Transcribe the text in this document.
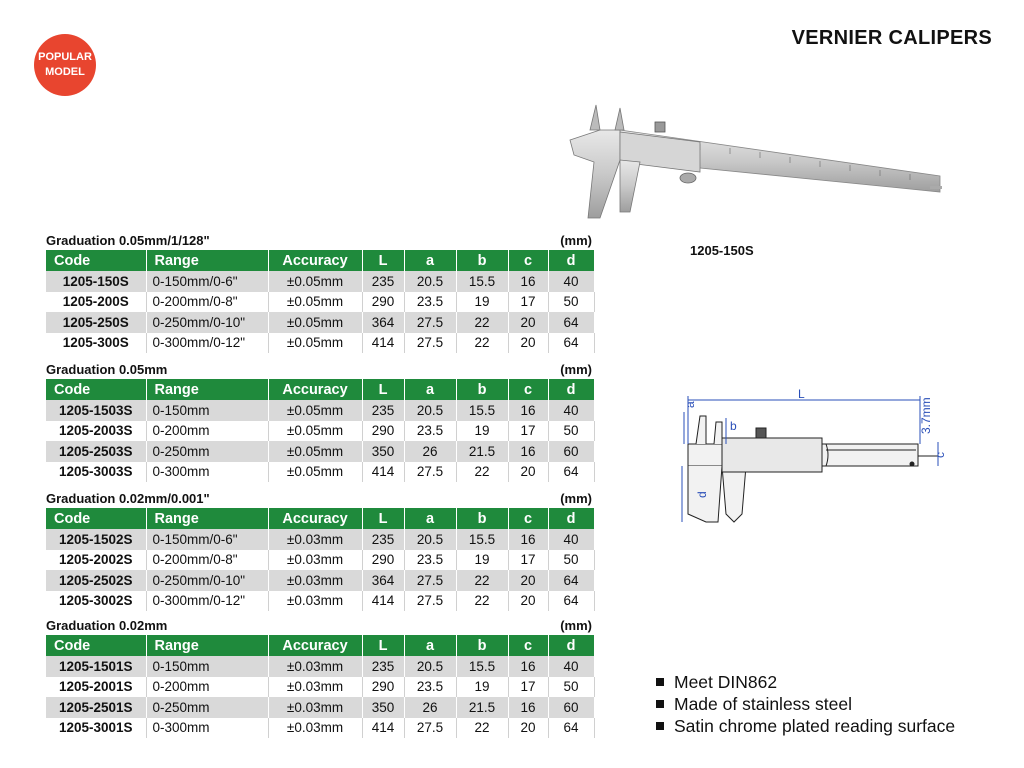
POPULAR
MODEL
VERNIER CALIPERS
1205-150S
Graduation 0.05mm/1/128"	(mm)
Code	Range	Accuracy	L	a	b	c	d
1205-150S	0-150mm/0-6"	±0.05mm	235	20.5	15.5	16	40
1205-200S	0-200mm/0-8"	±0.05mm	290	23.5	19	17	50
1205-250S	0-250mm/0-10"	±0.05mm	364	27.5	22	20	64
1205-300S	0-300mm/0-12"	±0.05mm	414	27.5	22	20	64
Graduation 0.05mm	(mm)
Code	Range	Accuracy	L	a	b	c	d
1205-1503S	0-150mm	±0.05mm	235	20.5	15.5	16	40
1205-2003S	0-200mm	±0.05mm	290	23.5	19	17	50
1205-2503S	0-250mm	±0.05mm	350	26	21.5	16	60
1205-3003S	0-300mm	±0.05mm	414	27.5	22	20	64
Graduation 0.02mm/0.001"	(mm)
Code	Range	Accuracy	L	a	b	c	d
1205-1502S	0-150mm/0-6"	±0.03mm	235	20.5	15.5	16	40
1205-2002S	0-200mm/0-8"	±0.03mm	290	23.5	19	17	50
1205-2502S	0-250mm/0-10"	±0.03mm	364	27.5	22	20	64
1205-3002S	0-300mm/0-12"	±0.03mm	414	27.5	22	20	64
Graduation 0.02mm	(mm)
Code	Range	Accuracy	L	a	b	c	d
1205-1501S	0-150mm	±0.03mm	235	20.5	15.5	16	40
1205-2001S	0-200mm	±0.03mm	290	23.5	19	17	50
1205-2501S	0-250mm	±0.03mm	350	26	21.5	16	60
1205-3001S	0-300mm	±0.03mm	414	27.5	22	20	64
L
a
b
c
d
3.7mm
Meet DIN862
Made of stainless steel
Satin chrome plated reading surface
